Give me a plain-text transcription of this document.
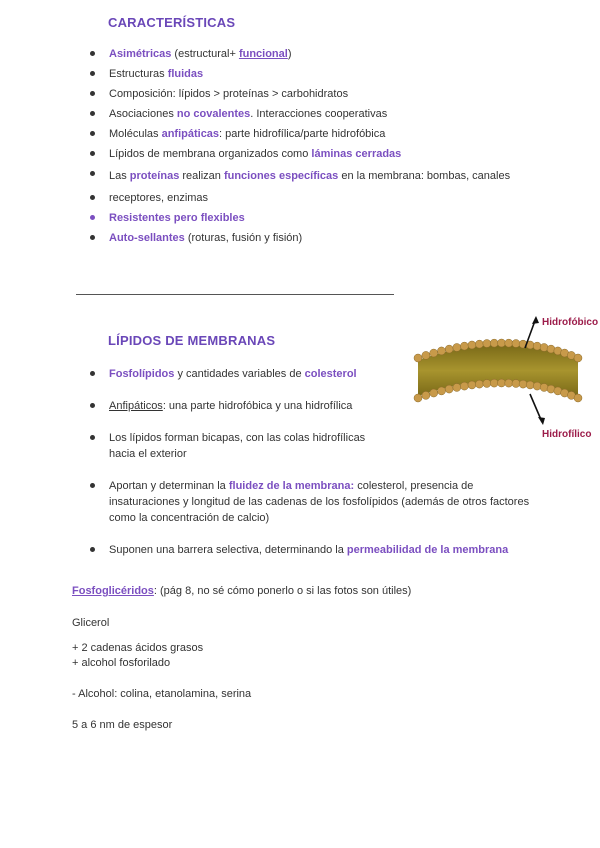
CARACTERÍSTICAS
Asimétricas (estructural+ funcional)
Estructuras fluidas
Composición: lípidos > proteínas > carbohidratos
Asociaciones no covalentes. Interacciones cooperativas
Moléculas anfipáticas: parte hidrofílica/parte hidrofóbica
Lípidos de membrana organizados como láminas cerradas
Las proteínas realizan funciones específicas en la membrana: bombas, canales
receptores, enzimas
Resistentes pero flexibles
Auto-sellantes (roturas, fusión y fisión)
LÍPIDOS DE MEMBRANAS
Fosfolípidos y cantidades variables de colesterol
Anfipáticos: una parte hidrofóbica y una hidrofílica
Los lípidos forman bicapas, con las colas hidrofílicas
hacia el exterior
Aportan y determinan la fluidez de la membrana: colesterol, presencia de insaturaciones y longitud de las cadenas de los fosfolípidos (además de otros factores como la concentración de calcio)
Suponen una barrera selectiva, determinando la permeabilidad de la membrana
Hidrofóbico
Hidrofílico
Fosfoglicéridos: (pág 8, no sé cómo ponerlo o si las fotos son útiles)
Glicerol
+ 2 cadenas ácidos grasos
+ alcohol fosforilado
- Alcohol: colina, etanolamina, serina
5 a 6 nm de espesor
